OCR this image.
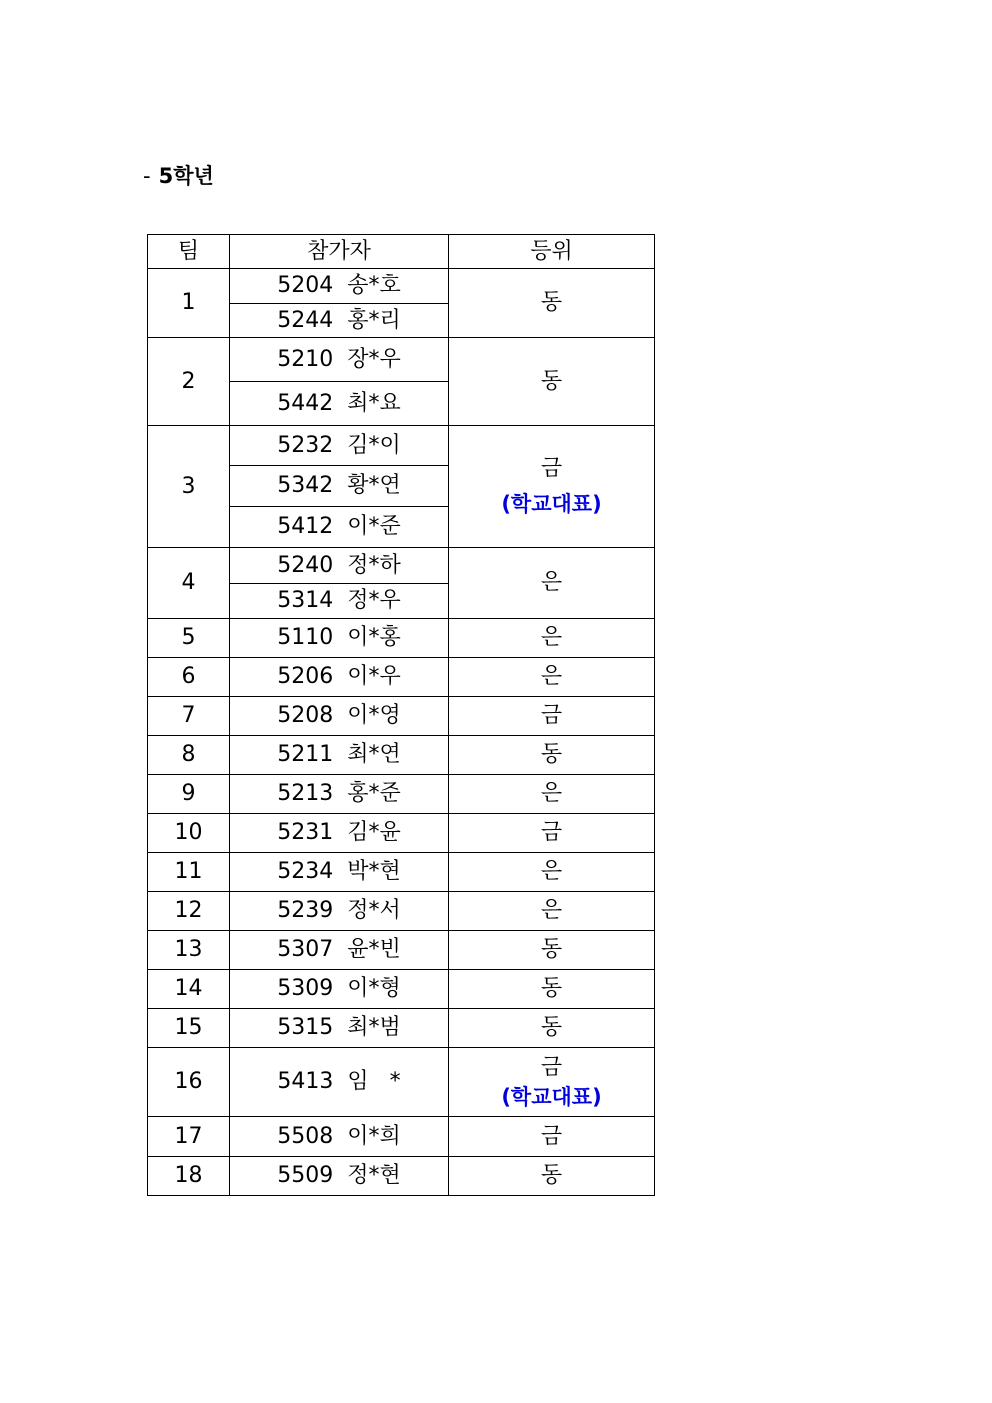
- 5학년
팀	참가자	등위
1	5204  송*호	동
	5244  홍*리	
2	5210  장*우	동
	5442  최*요	
3	5232  김*이	금
(학교대표)

	5342  황*연	
	5412  이*준	
4	5240  정*하	은
	5314  정*우	
5	5110  이*홍	은
6	5206  이*우	은
7	5208  이*영	금
8	5211  최*연	동
9	5213  홍*준	은
10	5231  김*윤	금
11	5234  박*현	은
12	5239  정*서	은
13	5307  윤*빈	동
14	5309  이*형	동
15	5315  최*범	동
16	5413  임   *	금
(학교대표)

17	5508  이*희	금
18	5509  정*현	동
